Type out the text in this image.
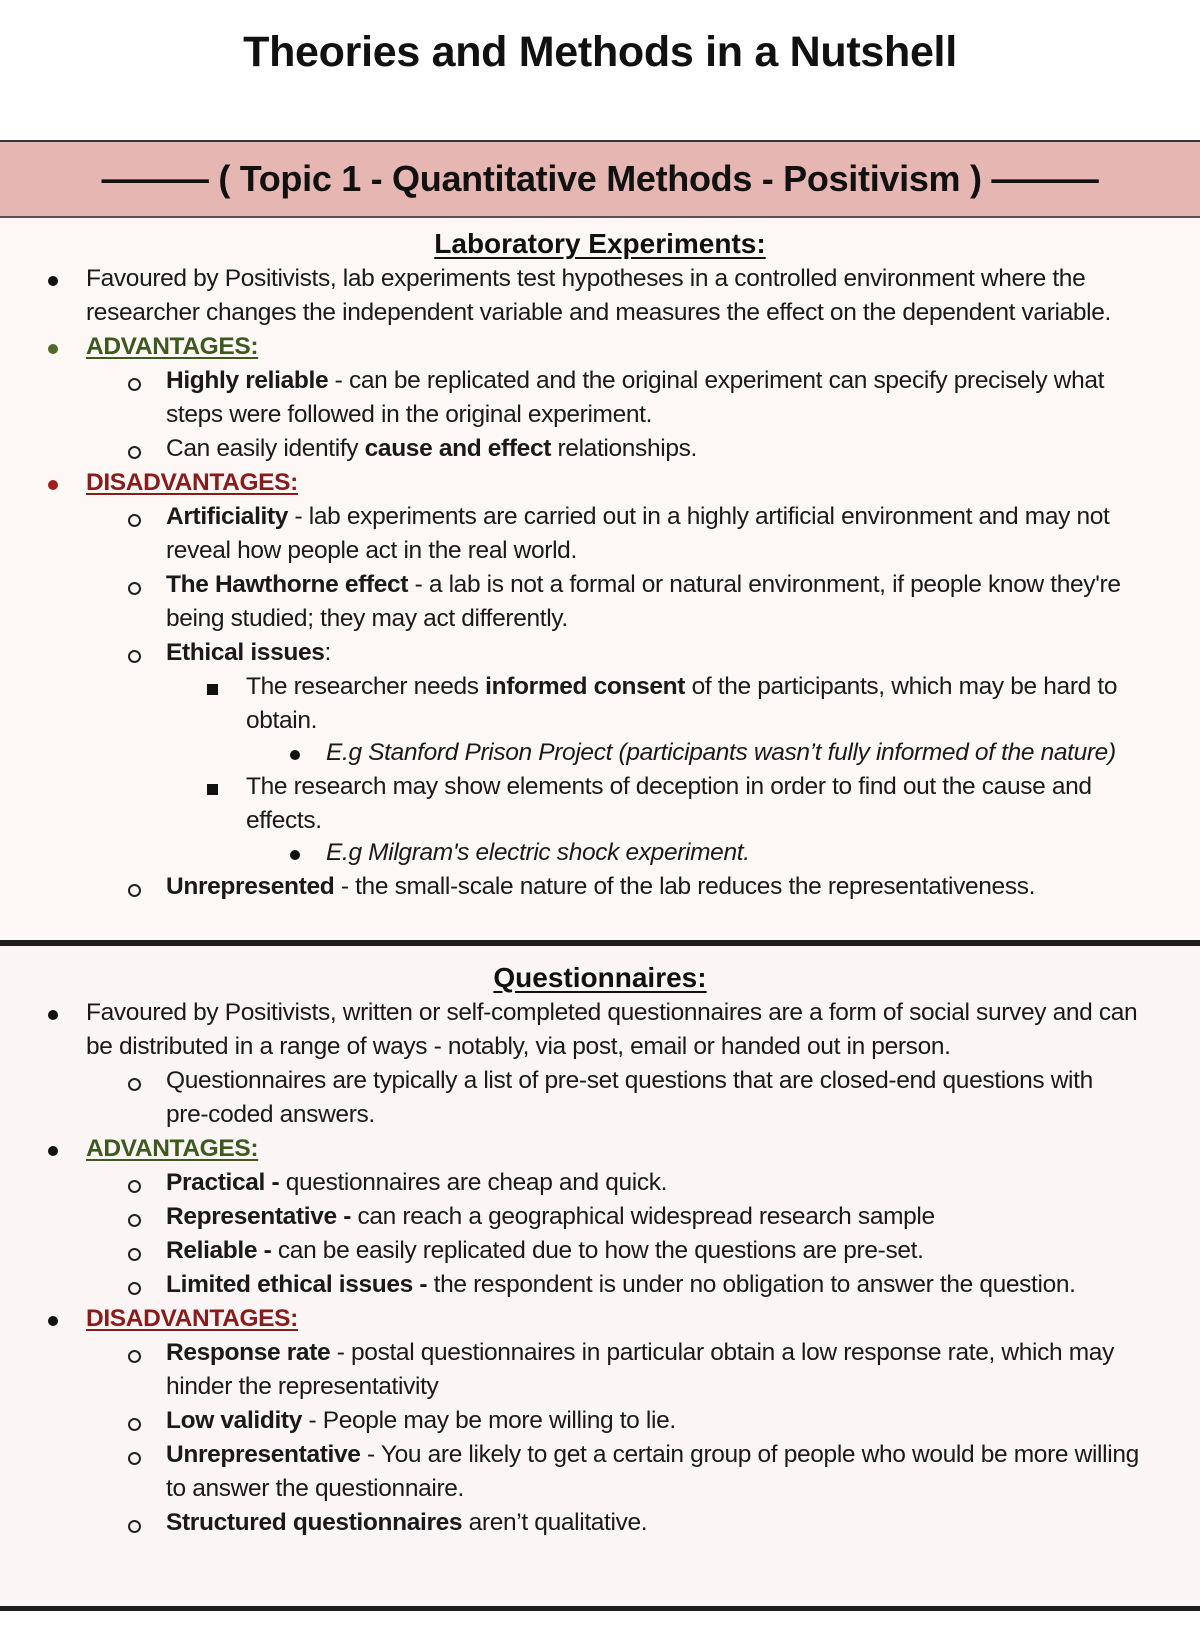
Theories and Methods in a Nutshell
——— ( Topic 1 - Quantitative Methods - Positivism ) ———
Laboratory Experiments:
Favoured by Positivists, lab experiments test hypotheses in a controlled environment where the
researcher changes the independent variable and measures the effect on the dependent variable.
ADVANTAGES:
Highly reliable - can be replicated and the original experiment can specify precisely what
steps were followed in the original experiment.
Can easily identify cause and effect relationships.
DISADVANTAGES:
Artificiality - lab experiments are carried out in a highly artificial environment and may not
reveal how people act in the real world.
The Hawthorne effect - a lab is not a formal or natural environment, if people know they're
being studied; they may act differently.
Ethical issues:
The researcher needs informed consent of the participants, which may be hard to
obtain.
E.g Stanford Prison Project (participants wasn’t fully informed of the nature)
The research may show elements of deception in order to find out the cause and
effects.
E.g Milgram's electric shock experiment.
Unrepresented - the small-scale nature of the lab reduces the representativeness.
Questionnaires:
Favoured by Positivists, written or self-completed questionnaires are a form of social survey and can
be distributed in a range of ways - notably, via post, email or handed out in person.
Questionnaires are typically a list of pre-set questions that are closed-end questions with
pre-coded answers.
ADVANTAGES:
Practical - questionnaires are cheap and quick.
Representative - can reach a geographical widespread research sample
Reliable - can be easily replicated due to how the questions are pre-set.
Limited ethical issues - the respondent is under no obligation to answer the question.
DISADVANTAGES:
Response rate - postal questionnaires in particular obtain a low response rate, which may
hinder the representativity
Low validity - People may be more willing to lie.
Unrepresentative - You are likely to get a certain group of people who would be more willing
to answer the questionnaire.
Structured questionnaires aren’t qualitative.
